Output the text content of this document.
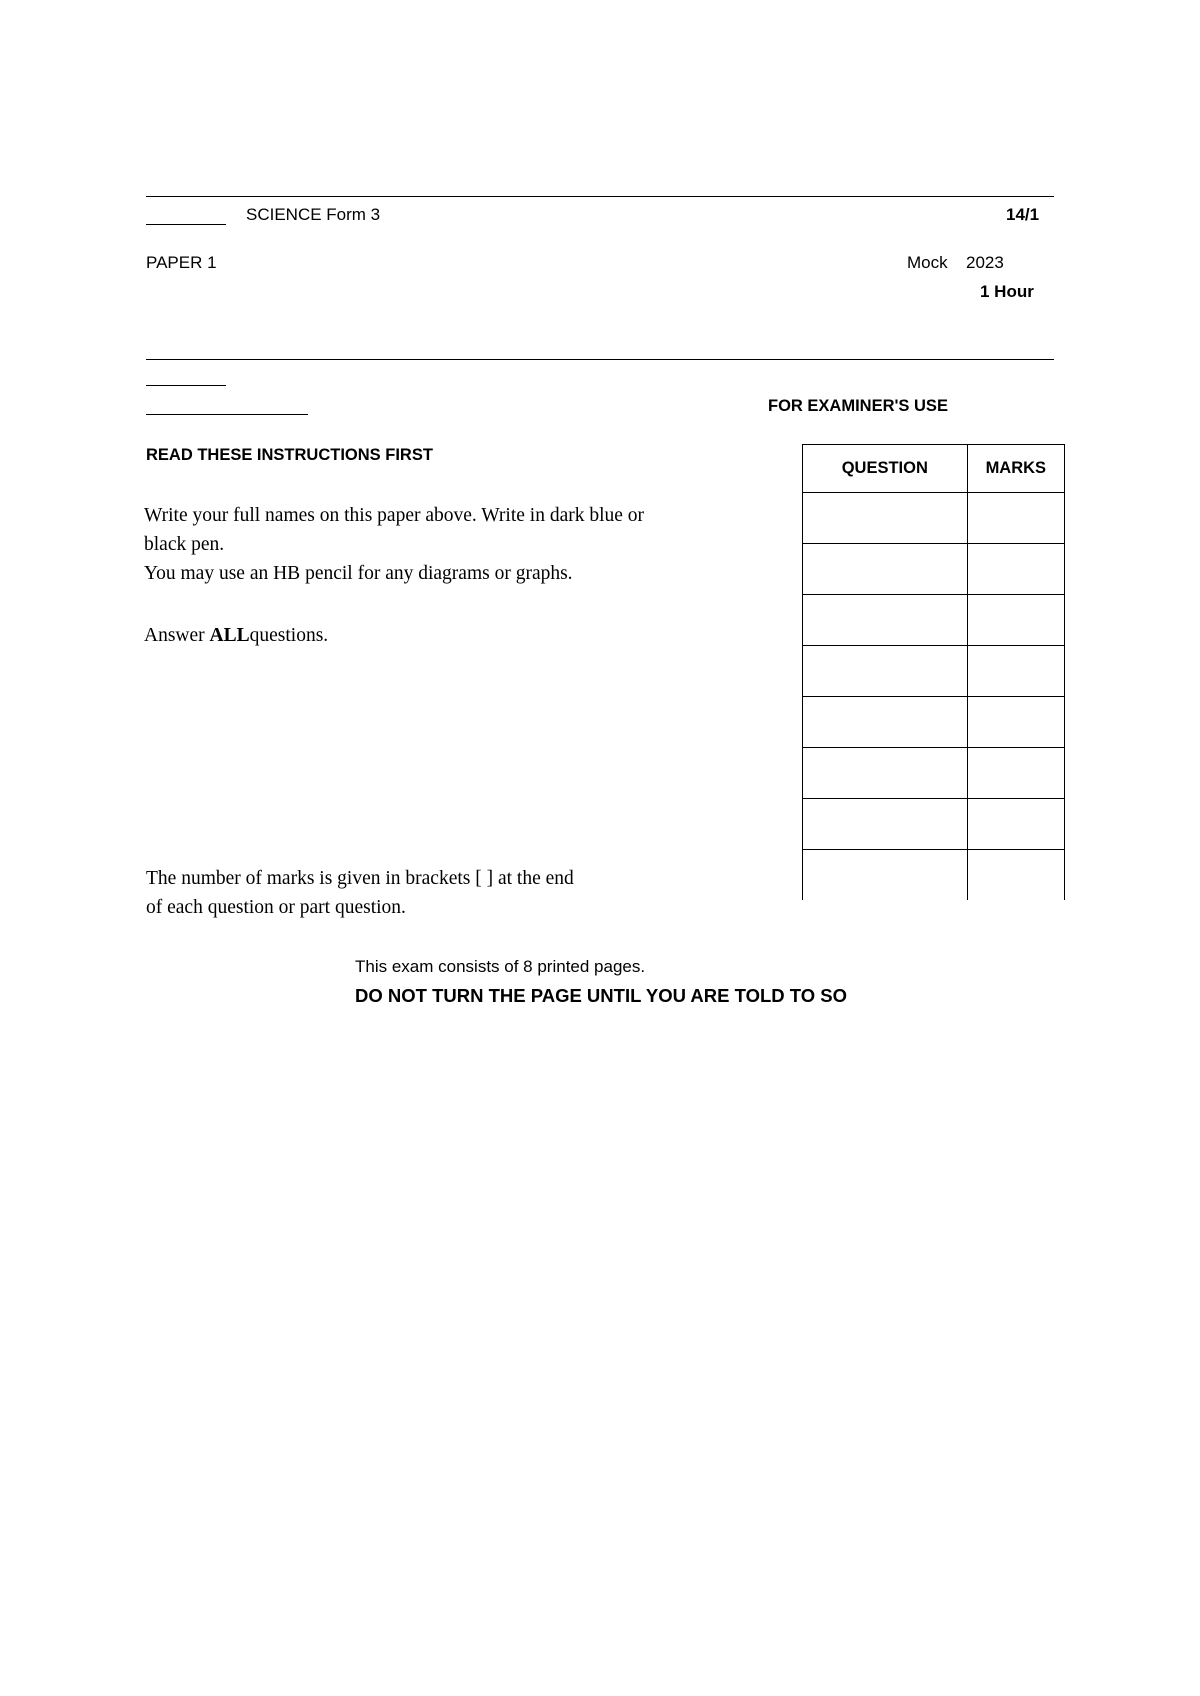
SCIENCE Form 3	14/1
PAPER 1	Mock 2023
1 Hour
FOR EXAMINER'S USE
READ THESE INSTRUCTIONS FIRST
Write your full names on this paper above. Write in dark blue or
black pen.
You may use an HB pencil for any diagrams or graphs.
Answer ALLquestions.
The number of marks is given in brackets [ ] at the end
of each question or part question.
QUESTION	MARKS

This exam consists of 8 printed pages.
DO NOT TURN THE PAGE UNTIL YOU ARE TOLD TO SO
